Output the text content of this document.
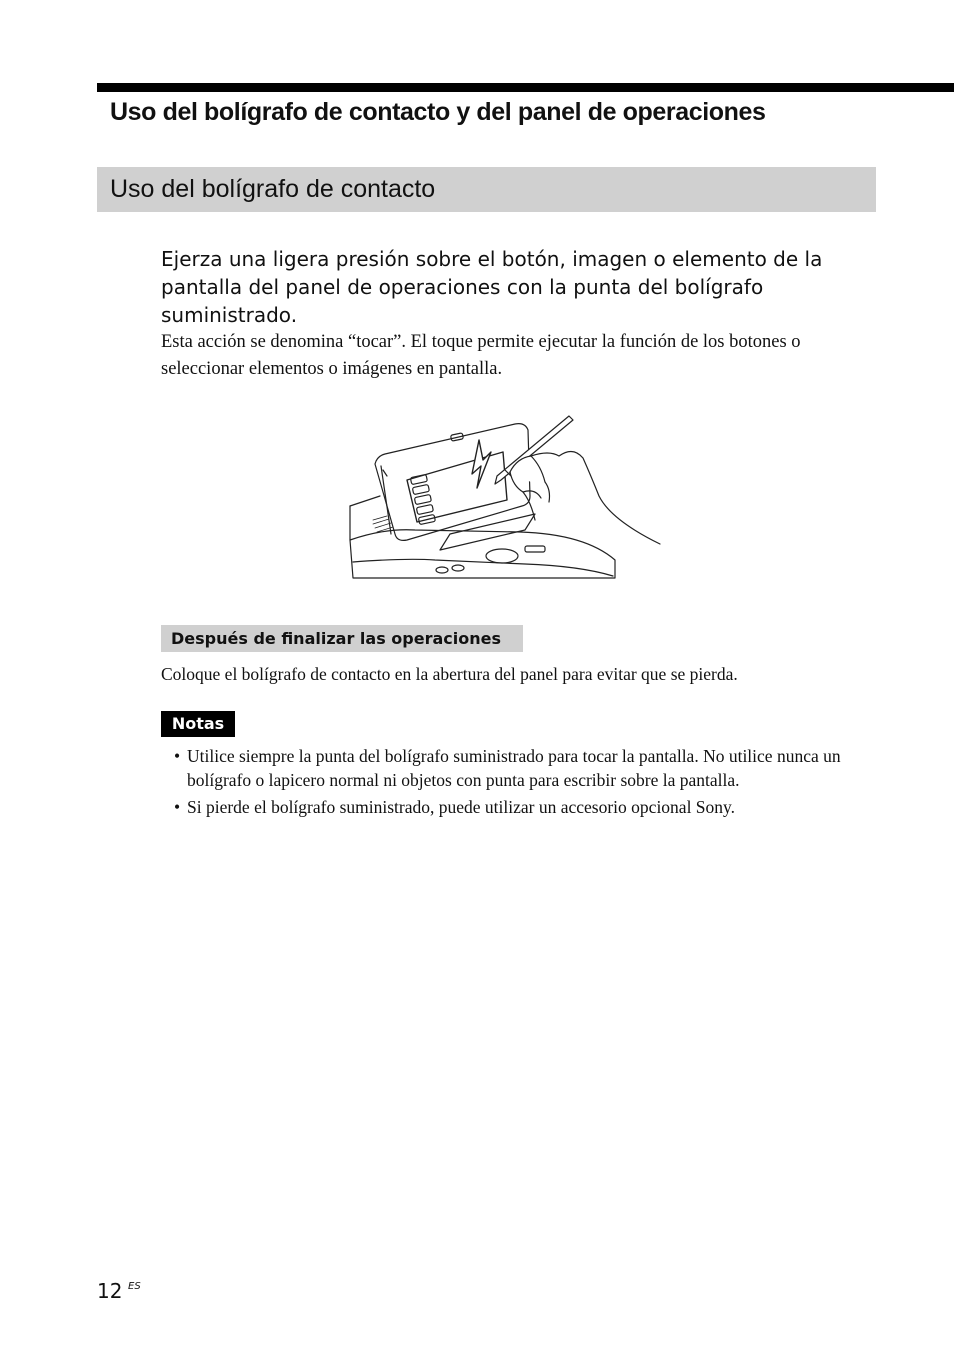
Uso del bolígrafo de contacto y del panel de operaciones
Uso del bolígrafo de contacto

Ejerza una ligera presión sobre el botón, imagen o elemento de la pantalla del panel de operaciones con la punta del bolígrafo suministrado.

Esta acción se denomina “tocar”. El toque permite ejecutar la función de los botones o seleccionar elementos o imágenes en pantalla.

Después de finalizar las operaciones

Coloque el bolígrafo de contacto en la abertura del panel para evitar que se pierda.

Notas
• Utilice siempre la punta del bolígrafo suministrado para tocar la pantalla. No utilice nunca un bolígrafo o lapicero normal ni objetos con punta para escribir sobre la pantalla.
• Si pierde el bolígrafo suministrado, puede utilizar un accesorio opcional Sony.
12 ES
